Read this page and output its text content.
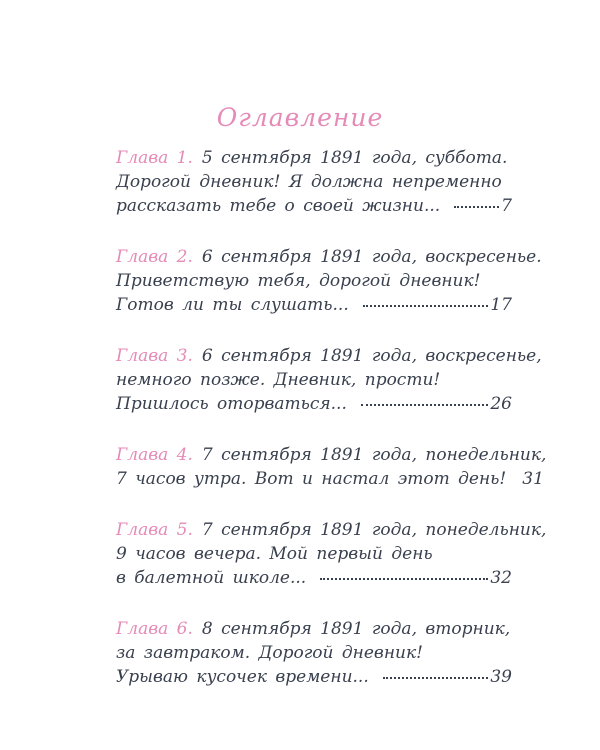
Оглавление
Глава 1. 5 сентября 1891 года, суббота.
Дорогой дневник! Я должна непременно
рассказать тебе о своей жизни...	7
Глава 2. 6 сентября 1891 года, воскресенье.
Приветствую тебя, дорогой дневник!
Готов ли ты слушать...	17
Глава 3. 6 сентября 1891 года, воскресенье,
немного позже. Дневник, прости!
Пришлось оторваться...	26
Глава 4. 7 сентября 1891 года, понедельник,
7 часов утра. Вот и настал этот день! 31
Глава 5. 7 сентября 1891 года, понедельник,
9 часов вечера. Мой первый день
в балетной школе...	32
Глава 6. 8 сентября 1891 года, вторник,
за завтраком. Дорогой дневник!
Урываю кусочек времени...	39
